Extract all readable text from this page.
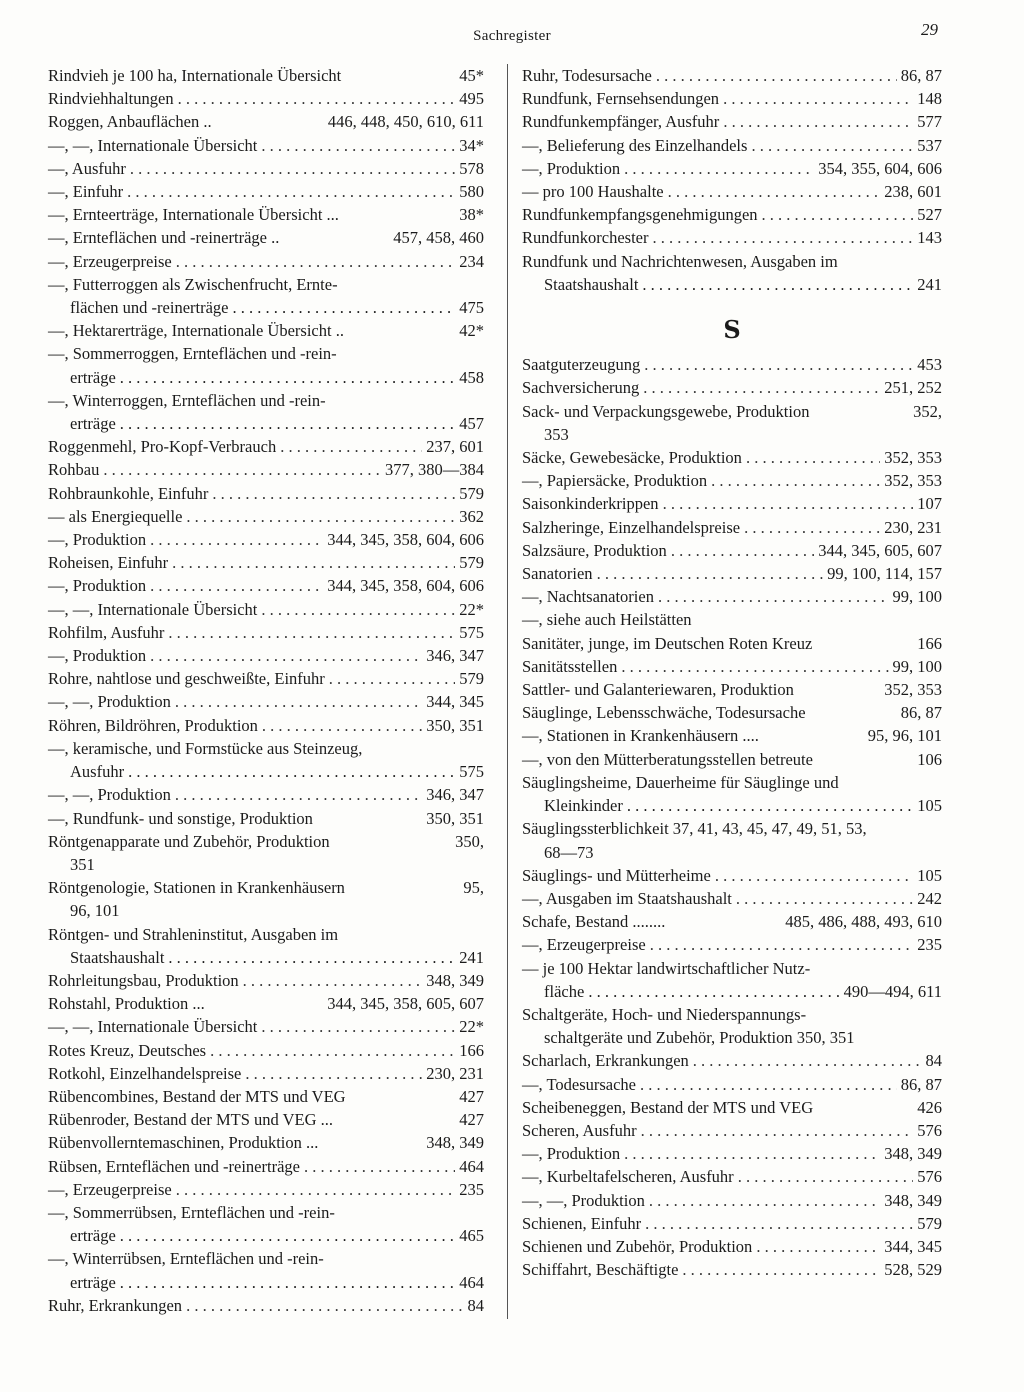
Sachregister	29
Rindvieh je 100 ha, Internationale Übersicht	45*
Rindviehhaltungen . . .	495
Roggen, Anbauflächen ..	446, 448, 450, 610, 611
—, —, Internationale Übersicht . . .	34*
—, Ausfuhr . . .	578
—, Einfuhr . . .	580
—, Ernteerträge, Internationale Übersicht ...	38*
—, Ernteflächen und -reinerträge ..	457, 458, 460
—, Erzeugerpreise . . .	234
—, Futterroggen als Zwischenfrucht, Ernte-
flächen und -reinerträge . . .	475
—, Hektarerträge, Internationale Übersicht ..	42*
—, Sommerroggen, Ernteflächen und -rein-
erträge . . .	458
—, Winterroggen, Ernteflächen und -rein-
erträge . . .	457
Roggenmehl, Pro-Kopf-Verbrauch . . .	237, 601
Rohbau . . .	377, 380—384
Rohbraunkohle, Einfuhr . . .	579
— als Energiequelle . . .	362
—, Produktion . . .	344, 345, 358, 604, 606
Roheisen, Einfuhr . . .	579
—, Produktion . . .	344, 345, 358, 604, 606
—, —, Internationale Übersicht . . .	22*
Rohfilm, Ausfuhr . . .	575
—, Produktion . . .	346, 347
Rohre, nahtlose und geschweißte, Einfuhr . . .	579
—, —, Produktion . . .	344, 345
Röhren, Bildröhren, Produktion . . .	350, 351
—, keramische, und Formstücke aus Steinzeug,
Ausfuhr . . .	575
—, —, Produktion . . .	346, 347
—, Rundfunk- und sonstige, Produktion	350, 351
Röntgenapparate und Zubehör, Produktion	350,
351
Röntgenologie, Stationen in Krankenhäusern	95,
96, 101
Röntgen- und Strahleninstitut, Ausgaben im
Staatshaushalt . . .	241
Rohrleitungsbau, Produktion . . .	348, 349
Rohstahl, Produktion ...	344, 345, 358, 605, 607
—, —, Internationale Übersicht . . .	22*
Rotes Kreuz, Deutsches . . .	166
Rotkohl, Einzelhandelspreise . . .	230, 231
Rübencombines, Bestand der MTS und VEG	427
Rübenroder, Bestand der MTS und VEG ...	427
Rübenvollerntemaschinen, Produktion ...	348, 349
Rübsen, Ernteflächen und -reinerträge . . .	464
—, Erzeugerpreise . . .	235
—, Sommerrübsen, Ernteflächen und -rein-
erträge . . .	465
—, Winterrübsen, Ernteflächen und -rein-
erträge . . .	464
Ruhr, Erkrankungen . . .	84
Ruhr, Todesursache . . .	86, 87
Rundfunk, Fernsehsendungen . . .	148
Rundfunkempfänger, Ausfuhr . . .	577
—, Belieferung des Einzelhandels . . .	537
—, Produktion . . .	354, 355, 604, 606
— pro 100 Haushalte . . .	238, 601
Rundfunkempfangsgenehmigungen . . .	527
Rundfunkorchester . . .	143
Rundfunk und Nachrichtenwesen, Ausgaben im
Staatshaushalt . . .	241
S
Saatguterzeugung . . .	453
Sachversicherung . . .	251, 252
Sack- und Verpackungsgewebe, Produktion	352,
353
Säcke, Gewebesäcke, Produktion . . .	352, 353
—, Papiersäcke, Produktion . . .	352, 353
Saisonkinderkrippen . . .	107
Salzheringe, Einzelhandelspreise . . .	230, 231
Salzsäure, Produktion . . .	344, 345, 605, 607
Sanatorien . . .	99, 100, 114, 157
—, Nachtsanatorien . . .	99, 100
—, siehe auch Heilstätten
Sanitäter, junge, im Deutschen Roten Kreuz	166
Sanitätsstellen . . .	99, 100
Sattler- und Galanteriewaren, Produktion	352, 353
Säuglinge, Lebensschwäche, Todesursache	86, 87
—, Stationen in Krankenhäusern ....	95, 96, 101
—, von den Mütterberatungsstellen betreute	106
Säuglingsheime, Dauerheime für Säuglinge und
Kleinkinder . . .	105
Säuglingssterblichkeit 37, 41, 43, 45, 47, 49, 51, 53,
68—73
Säuglings- und Mütterheime . . .	105
—, Ausgaben im Staatshaushalt . . .	242
Schafe, Bestand ........	485, 486, 488, 493, 610
—, Erzeugerpreise . . .	235
— je 100 Hektar landwirtschaftlicher Nutz-
fläche . . .	490—494, 611
Schaltgeräte, Hoch- und Niederspannungs-
schaltgeräte und Zubehör, Produktion 350, 351
Scharlach, Erkrankungen . . .	84
—, Todesursache . . .	86, 87
Scheibeneggen, Bestand der MTS und VEG	426
Scheren, Ausfuhr . . .	576
—, Produktion . . .	348, 349
—, Kurbeltafelscheren, Ausfuhr . . .	576
—, —, Produktion . . .	348, 349
Schienen, Einfuhr . . .	579
Schienen und Zubehör, Produktion . . .	344, 345
Schiffahrt, Beschäftigte . . .	528, 529
